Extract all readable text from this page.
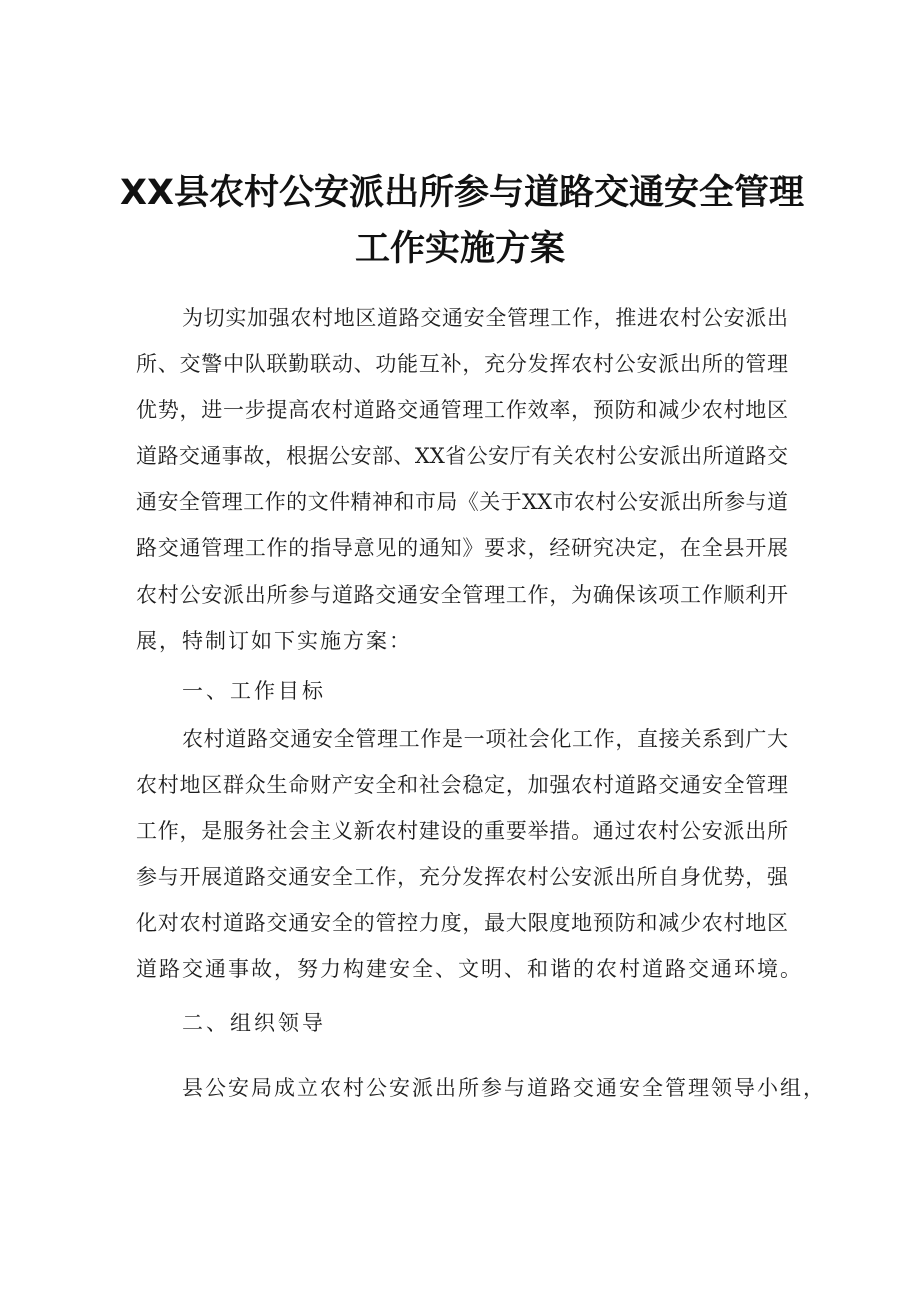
XX县农村公安派出所参与道路交通安全管理
工作实施方案
为切实加强农村地区道路交通安全管理工作，推进农村公安派出
所、交警中队联勤联动、功能互补，充分发挥农村公安派出所的管理
优势，进一步提高农村道路交通管理工作效率，预防和减少农村地区
道路交通事故，根据公安部、XX省公安厅有关农村公安派出所道路交
通安全管理工作的文件精神和市局《关于XX市农村公安派出所参与道
路交通管理工作的指导意见的通知》要求，经研究决定，在全县开展
农村公安派出所参与道路交通安全管理工作，为确保该项工作顺利开
展，特制订如下实施方案：
一、工作目标
农村道路交通安全管理工作是一项社会化工作，直接关系到广大
农村地区群众生命财产安全和社会稳定，加强农村道路交通安全管理
工作，是服务社会主义新农村建设的重要举措。通过农村公安派出所
参与开展道路交通安全工作，充分发挥农村公安派出所自身优势，强
化对农村道路交通安全的管控力度，最大限度地预防和减少农村地区
道路交通事故，努力构建安全、文明、和谐的农村道路交通环境。
二、组织领导
县公安局成立农村公安派出所参与道路交通安全管理领导小组，
